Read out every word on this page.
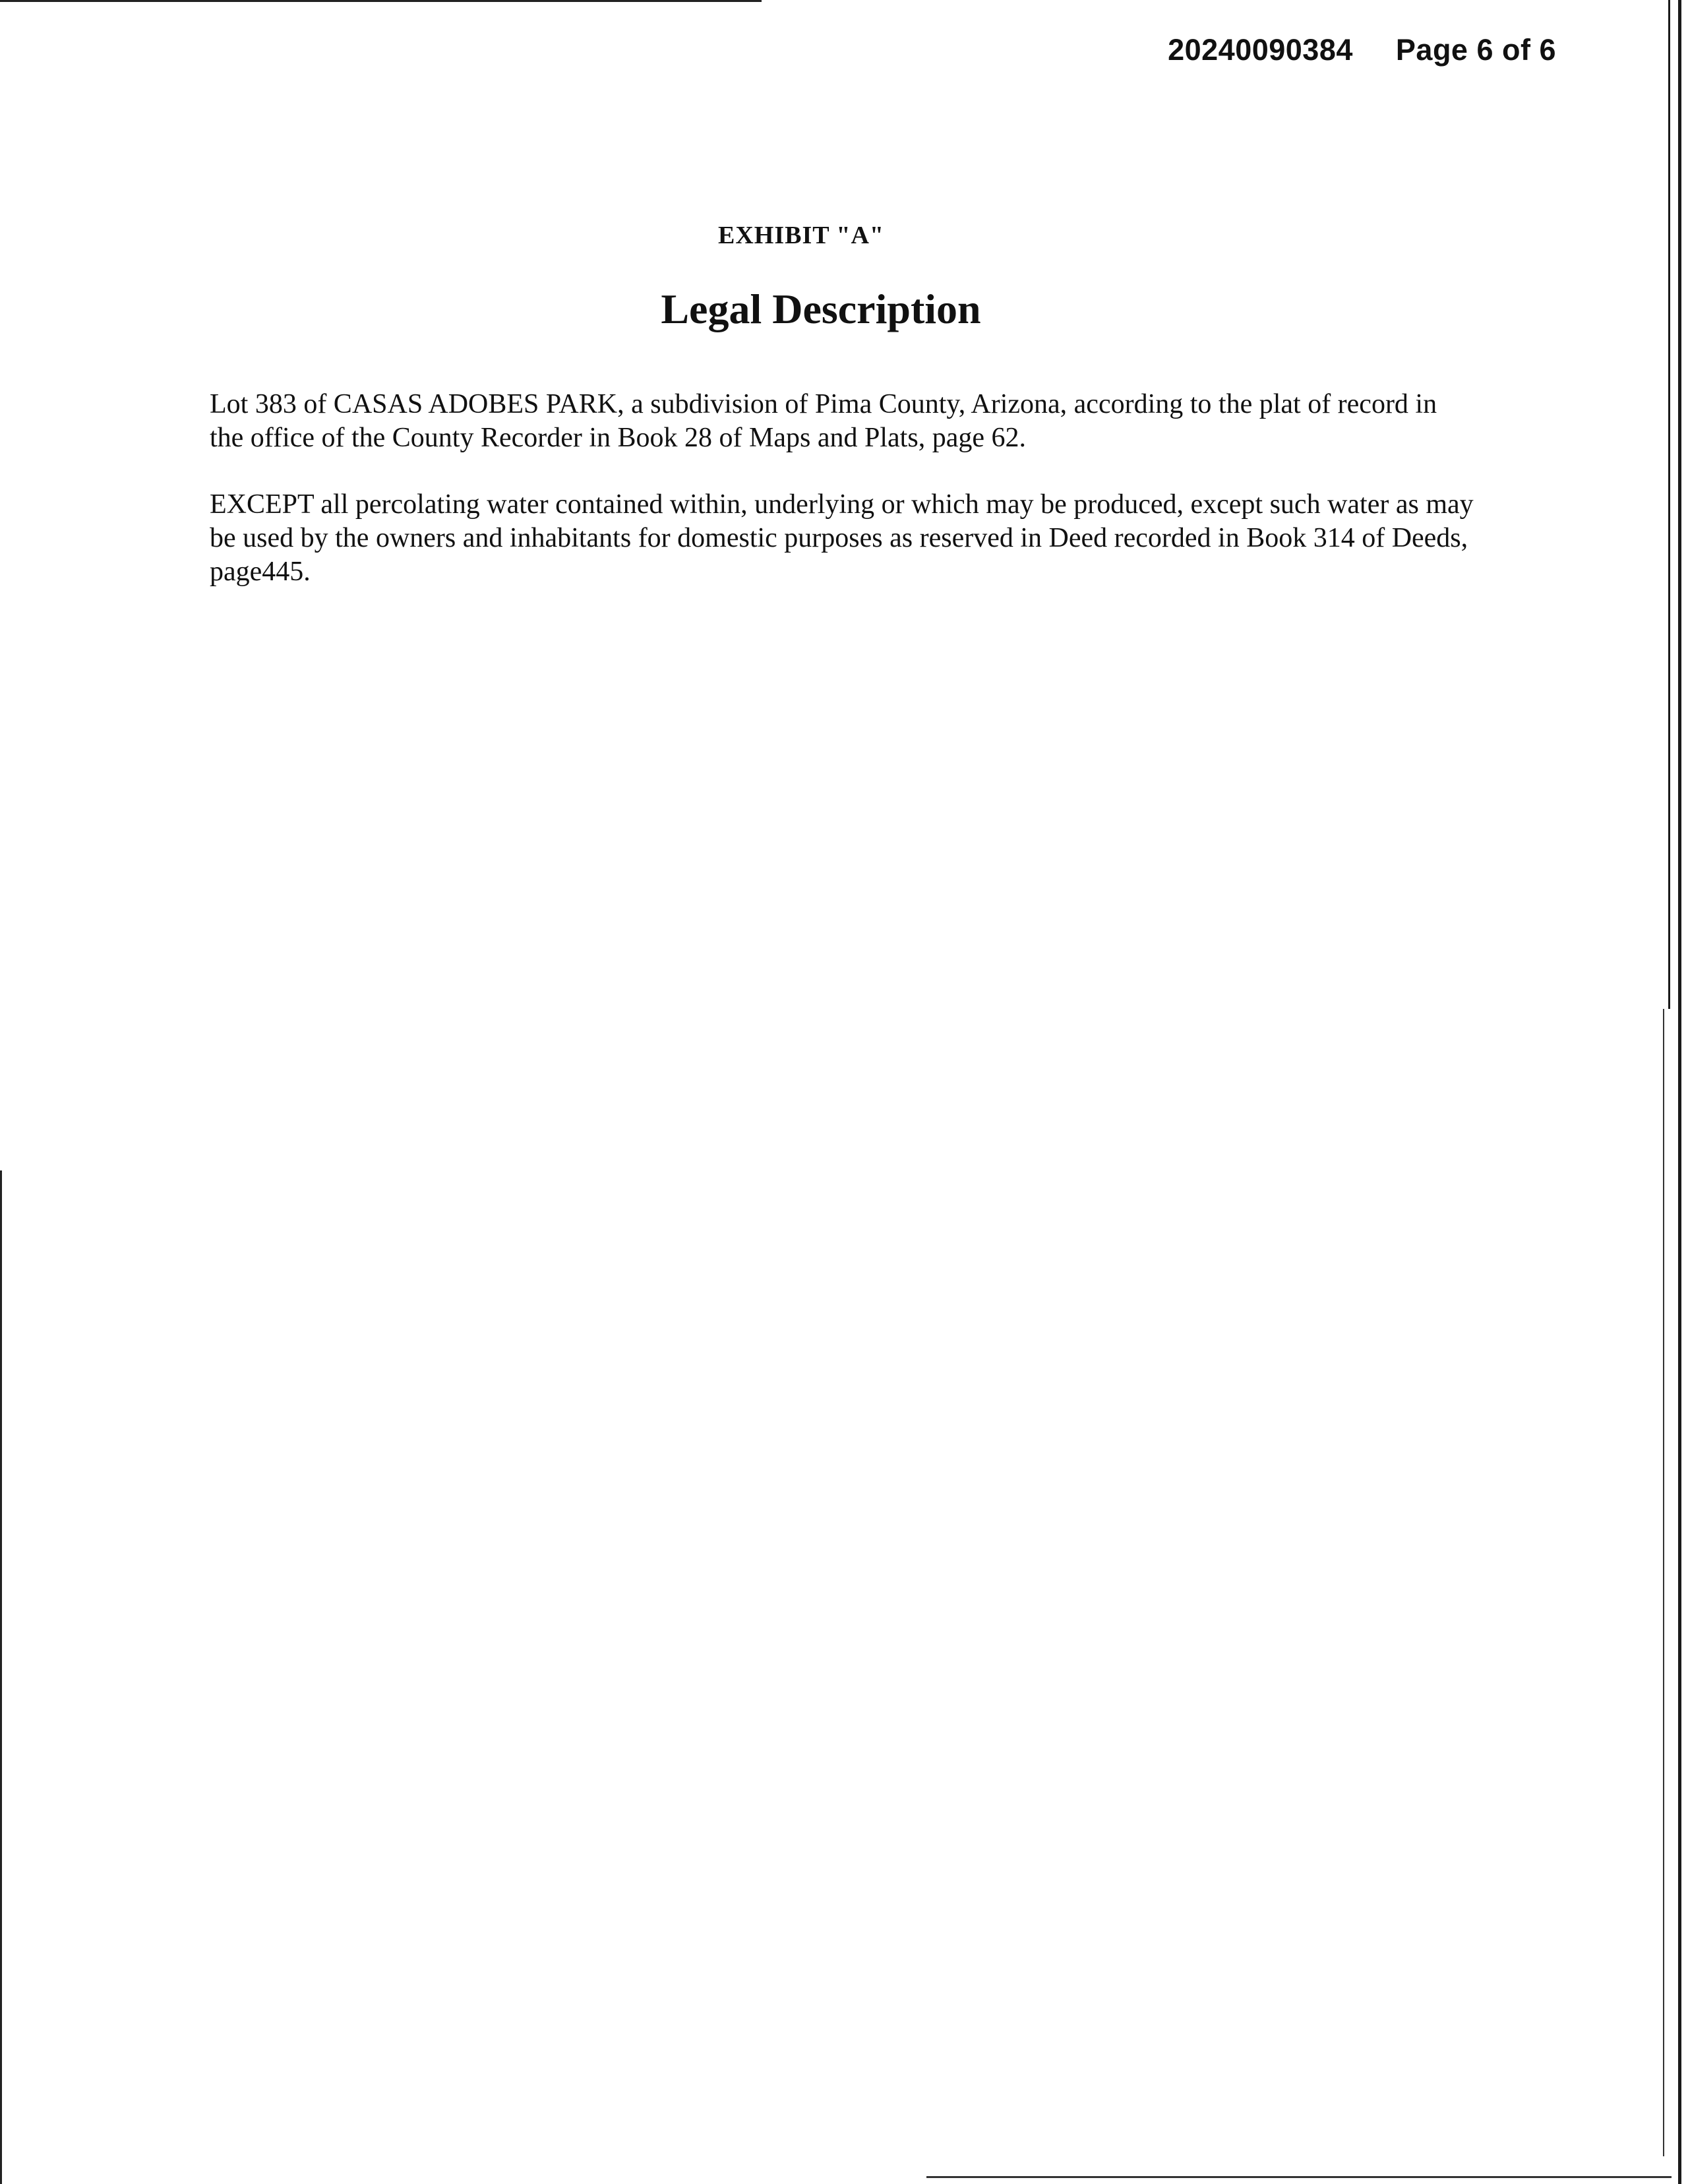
20240090384 Page 6 of 6
EXHIBIT "A"
Legal Description

Lot 383 of CASAS ADOBES PARK, a subdivision of Pima County, Arizona, according to the plat of record in the office of the County Recorder in Book 28 of Maps and Plats, page 62.

EXCEPT all percolating water contained within, underlying or which may be produced, except such water as may be used by the owners and inhabitants for domestic purposes as reserved in Deed recorded in Book 314 of Deeds, page445.
